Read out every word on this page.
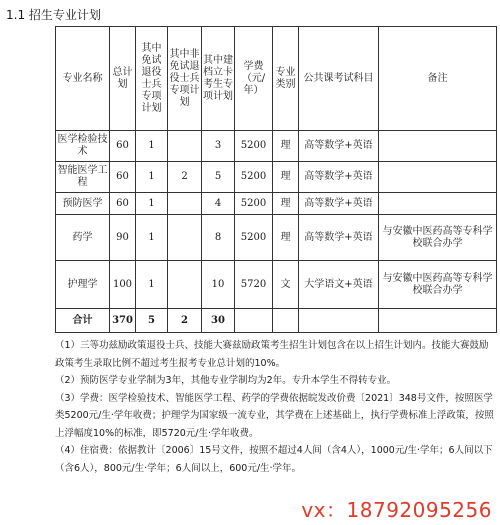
1.1 招生专业计划
专业名称	总计划	其中免试退役士兵专项计划	其中非免试退役士兵专项计划	其中建档立卡考生专项计划	学费（元/年）	专业类别	公共课考试科目	备注
医学检验技术	60	1		3	5200	理	高等数学+英语	
智能医学工程	60	1	2	5	5200	理	高等数学+英语	
预防医学	60	1		4	5200	理	高等数学+英语	
药学	90	1		8	5200	理	高等数学+英语	与安徽中医药高等专科学校联合办学
护理学	100	1		10	5720	文	大学语文+英语	与安徽中医药高等专科学校联合办学
合计	370	5	2	30				

（1）三等功兹励政策退役士兵、技能大赛兹励政策考生招生计划包含在以上招生计划内。技能大赛鼓励政策考生录取比例不超过考生报考专业总计划的10%。

（2）预防医学专业学制为3年，其他专业学制均为2年。专升本学生不得转专业。

（3）学费：医学检验技术、智能医学工程、药学的学费依据皖发改价费〔2021〕348号文件，按照医学类5200元/生·学年收费；护理学为国家级一流专业，其学费在上述基础上，执行学费标准上浮政策，按照上浮幅度10%的标准，即5720元/生·学年收费。

（4）住宿费：依据教计〔2006〕15号文件，按照不超过4人间（含4人），1000元/生·学年；6人间以下（含6人），800元/生·学年；6人间以上，600元/生·学年。

vx：18792095256
